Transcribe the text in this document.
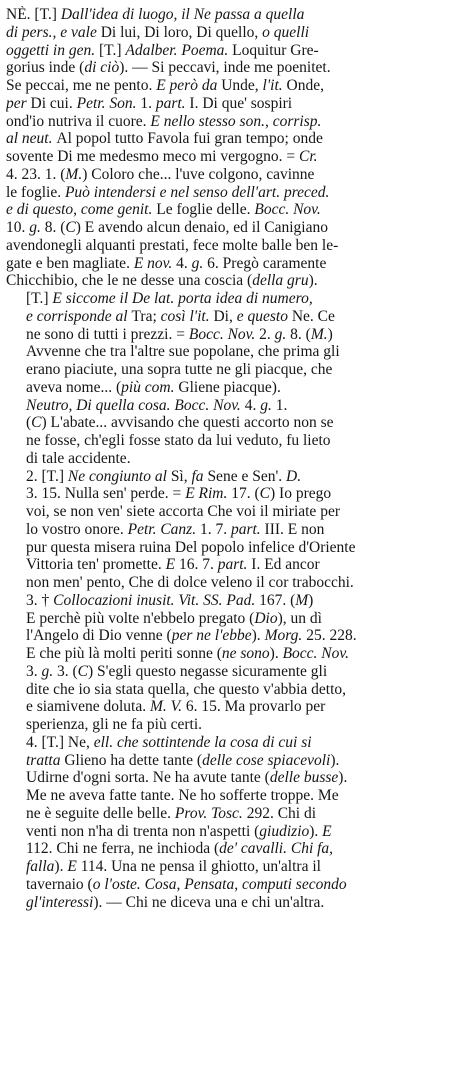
NÈ. [T.] Dall'idea di luogo, il Ne passa a quella
di pers., e vale Di lui, Di loro, Di quello, o quelli
oggetti in gen. [T.] Adalber. Poema. Loquitur Gre-
gorius inde (di ciò). — Si peccavi, inde me poenitet.
Se peccai, me ne pento. E però da Unde, l'it. Onde,
per Di cui. Petr. Son. 1. part. I. Di que' sospiri
ond'io nutriva il cuore. E nello stesso son., corrisp.
al neut. Al popol tutto Favola fui gran tempo; onde
sovente Di me medesmo meco mi vergogno. = Cr.
4. 23. 1. (M.) Coloro che... l'uve colgono, cavinne
le foglie. Può intendersi e nel senso dell'art. preced.
e di questo, come genit. Le foglie delle. Bocc. Nov.
10. g. 8. (C) E avendo alcun denaio, ed il Canigiano
avendonegli alquanti prestati, fece molte balle ben le-
gate e ben magliate. E nov. 4. g. 6. Pregò caramente
Chicchibio, che le ne desse una coscia (della gru).
[T.] E siccome il De lat. porta idea di numero,
e corrisponde al Tra; così l'it. Di, e questo Ne. Ce
ne sono di tutti i prezzi. = Bocc. Nov. 2. g. 8. (M.)
Avvenne che tra l'altre sue popolane, che prima gli
erano piaciute, una sopra tutte ne gli piacque, che
aveva nome... (più com. Gliene piacque).
Neutro, Di quella cosa. Bocc. Nov. 4. g. 1.
(C) L'abate... avvisando che questi accorto non se
ne fosse, ch'egli fosse stato da lui veduto, fu lieto
di tale accidente.
2. [T.] Ne congiunto al Sì, fa Sene e Sen'. D.
3. 15. Nulla sen' perde. = E Rim. 17. (C) Io prego
voi, se non ven' siete accorta Che voi il miriate per
lo vostro onore. Petr. Canz. 1. 7. part. III. E non
pur questa misera ruina Del popolo infelice d'Oriente
Vittoria ten' promette. E 16. 7. part. I. Ed ancor
non men' pento, Che di dolce veleno il cor trabocchi.
3. † Collocazioni inusit. Vit. SS. Pad. 167. (M)
E perchè più volte n'ebbelo pregato (Dio), un dì
l'Angelo di Dio venne (per ne l'ebbe). Morg. 25. 228.
E che più là molti periti sonne (ne sono). Bocc. Nov.
3. g. 3. (C) S'egli questo negasse sicuramente gli
dite che io sia stata quella, che questo v'abbia detto,
e siamivene doluta. M. V. 6. 15. Ma provarlo per
sperienza, gli ne fa più certi.
4. [T.] Ne, ell. che sottintende la cosa di cui si
tratta Glieno ha dette tante (delle cose spiacevoli).
Udirne d'ogni sorta. Ne ha avute tante (delle busse).
Me ne aveva fatte tante. Ne ho sofferte troppe. Me
ne è seguite delle belle. Prov. Tosc. 292. Chi di
venti non n'ha di trenta non n'aspetti (giudizio). E
112. Chi ne ferra, ne inchioda (de' cavalli. Chi fa,
falla). E 114. Una ne pensa il ghiotto, un'altra il
tavernaio (o l'oste. Cosa, Pensata, computi secondo
gl'interessi). — Chi ne diceva una e chi un'altra.
